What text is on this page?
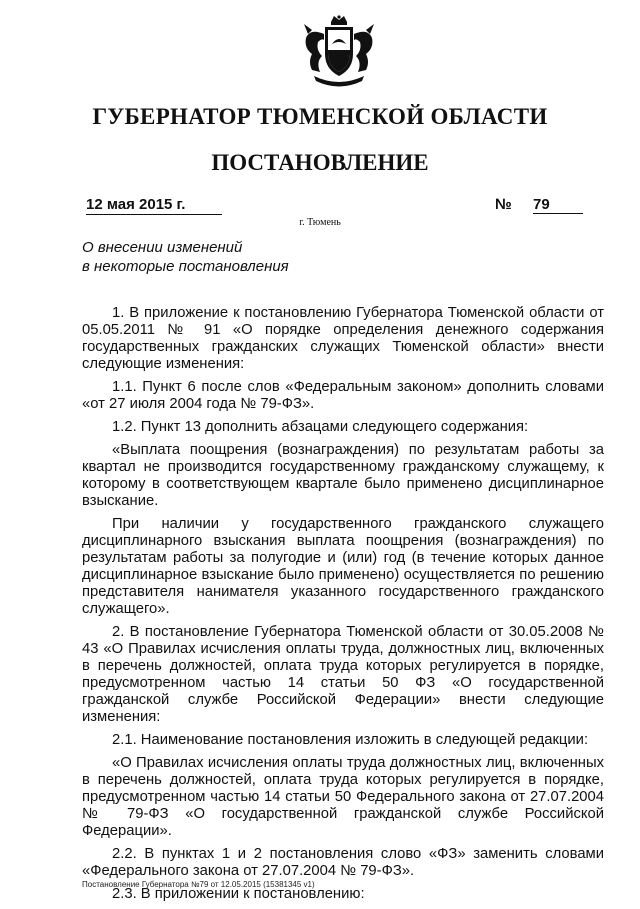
ГУБЕРНАТОР ТЮМЕНСКОЙ ОБЛАСТИ
ПОСТАНОВЛЕНИЕ
12 мая 2015 г.	№ 79
г. Тюмень
О внесении изменений
в некоторые постановления

1. В приложение к постановлению Губернатора Тюменской области от 05.05.2011 № 91 «О порядке определения денежного содержания государственных гражданских служащих Тюменской области» внести следующие изменения:

1.1. Пункт 6 после слов «Федеральным законом» дополнить словами «от 27 июля 2004 года № 79-ФЗ».

1.2. Пункт 13 дополнить абзацами следующего содержания:

«Выплата поощрения (вознаграждения) по результатам работы за квартал не производится государственному гражданскому служащему, к которому в соответствующем квартале было применено дисциплинарное взыскание.

При наличии у государственного гражданского служащего дисциплинарного взыскания выплата поощрения (вознаграждения) по результатам работы за полугодие и (или) год (в течение которых данное дисциплинарное взыскание было применено) осуществляется по решению представителя нанимателя указанного государственного гражданского служащего».

2. В постановление Губернатора Тюменской области от 30.05.2008 № 43 «О Правилах исчисления оплаты труда, должностных лиц, включенных в перечень должностей, оплата труда которых регулируется в порядке, предусмотренном частью 14 статьи 50 ФЗ «О государственной гражданской службе Российской Федерации» внести следующие изменения:

2.1. Наименование постановления изложить в следующей редакции:

«О Правилах исчисления оплаты труда должностных лиц, включенных в перечень должностей, оплата труда которых регулируется в порядке, предусмотренном частью 14 статьи 50 Федерального закона от 27.07.2004 № 79-ФЗ «О государственной гражданской службе Российской Федерации».

2.2. В пунктах 1 и 2 постановления слово «ФЗ» заменить словами «Федерального закона от 27.07.2004 № 79-ФЗ».

2.3. В приложении к постановлению:

Постановление Губернатора №79 от 12.05.2015 (15381345 v1)
